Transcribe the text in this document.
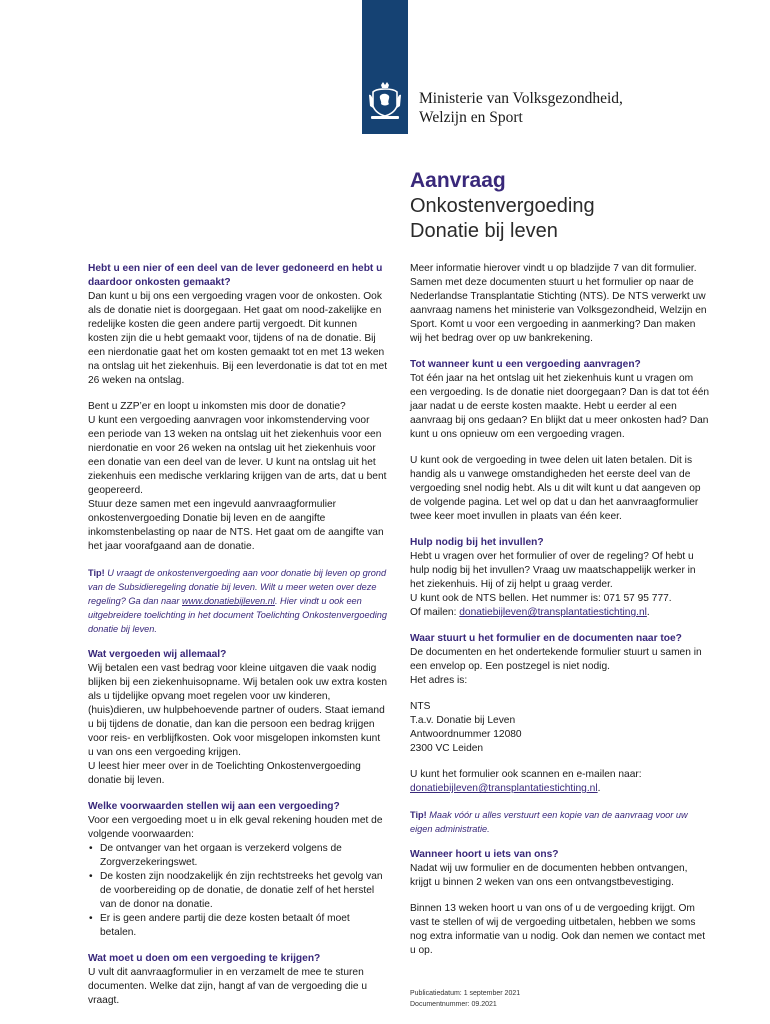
Ministerie van Volksgezondheid,
Welzijn en Sport
Aanvraag
Onkostenvergoeding
Donatie bij leven

Hebt u een nier of een deel van de lever gedoneerd en hebt u daardoor onkosten gemaakt?

Dan kunt u bij ons een vergoeding vragen voor de onkosten. Ook als de donatie niet is doorgegaan. Het gaat om nood-zakelijke en redelijke kosten die geen andere partij vergoedt. Dit kunnen kosten zijn die u hebt gemaakt voor, tijdens of na de donatie. Bij een nierdonatie gaat het om kosten gemaakt tot en met 13 weken na ontslag uit het ziekenhuis. Bij een leverdonatie is dat tot en met 26 weken na ontslag.

Bent u ZZP’er en loopt u inkomsten mis door de donatie?

U kunt een vergoeding aanvragen voor inkomstenderving voor een periode van 13 weken na ontslag uit het ziekenhuis voor een nierdonatie en voor 26 weken na ontslag uit het ziekenhuis voor een donatie van een deel van de lever. U kunt na ontslag uit het ziekenhuis een medische verklaring krijgen van de arts, dat u bent geopereerd.

Stuur deze samen met een ingevuld aanvraagformulier onkostenvergoeding Donatie bij leven en de aangifte inkomstenbelasting op naar de NTS. Het gaat om de aangifte van het jaar voorafgaand aan de donatie.

Tip! U vraagt de onkostenvergoeding aan voor donatie bij leven op grond van de Subsidieregeling donatie bij leven. Wilt u meer weten over deze regeling? Ga dan naar www.donatiebijleven.nl. Hier vindt u ook een uitgebreidere toelichting in het document Toelichting Onkostenvergoeding donatie bij leven.

Wat vergoeden wij allemaal?

Wij betalen een vast bedrag voor kleine uitgaven die vaak nodig blijken bij een ziekenhuisopname. Wij betalen ook uw extra kosten als u tijdelijke opvang moet regelen voor uw kinderen, (huis)dieren, uw hulpbehoevende partner of ouders. Staat iemand u bij tijdens de donatie, dan kan die persoon een bedrag krijgen voor reis- en verblijfkosten. Ook voor misgelopen inkomsten kunt u van ons een vergoeding krijgen.

U leest hier meer over in de Toelichting Onkostenvergoeding donatie bij leven.

Welke voorwaarden stellen wij aan een vergoeding?

Voor een vergoeding moet u in elk geval rekening houden met de volgende voorwaarden:

• De ontvanger van het orgaan is verzekerd volgens de Zorgverzekeringswet.
• De kosten zijn noodzakelijk én zijn rechtstreeks het gevolg van de voorbereiding op de donatie, de donatie zelf of het herstel van de donor na donatie.
• Er is geen andere partij die deze kosten betaalt óf moet betalen.

Wat moet u doen om een vergoeding te krijgen?

U vult dit aanvraagformulier in en verzamelt de mee te sturen documenten. Welke dat zijn, hangt af van de vergoeding die u vraagt.

Meer informatie hierover vindt u op bladzijde 7 van dit formulier. Samen met deze documenten stuurt u het formulier op naar de Nederlandse Transplantatie Stichting (NTS). De NTS verwerkt uw aanvraag namens het ministerie van Volksgezondheid, Welzijn en Sport. Komt u voor een vergoeding in aanmerking? Dan maken wij het bedrag over op uw bankrekening.

Tot wanneer kunt u een vergoeding aanvragen?

Tot één jaar na het ontslag uit het ziekenhuis kunt u vragen om een vergoeding. Is de donatie niet doorgegaan? Dan is dat tot één jaar nadat u de eerste kosten maakte. Hebt u eerder al een aanvraag bij ons gedaan? En blijkt dat u meer onkosten had? Dan kunt u ons opnieuw om een vergoeding vragen.

U kunt ook de vergoeding in twee delen uit laten betalen. Dit is handig als u vanwege omstandigheden het eerste deel van de vergoeding snel nodig hebt. Als u dit wilt kunt u dat aangeven op de volgende pagina. Let wel op dat u dan het aanvraagformulier twee keer moet invullen in plaats van één keer.

Hulp nodig bij het invullen?

Hebt u vragen over het formulier of over de regeling? Of hebt u hulp nodig bij het invullen? Vraag uw maatschappelijk werker in het ziekenhuis. Hij of zij helpt u graag verder.
U kunt ook de NTS bellen. Het nummer is: 071 57 95 777.
Of mailen: donatiebijleven@transplantatiestichting.nl.

Waar stuurt u het formulier en de documenten naar toe?

De documenten en het ondertekende formulier stuurt u samen in een envelop op. Een postzegel is niet nodig.

Het adres is:

NTS
T.a.v. Donatie bij Leven
Antwoordnummer 12080
2300 VC Leiden
U kunt het formulier ook scannen en e-mailen naar:
donatiebijleven@transplantatiestichting.nl.

Tip! Maak vóór u alles verstuurt een kopie van de aanvraag voor uw eigen administratie.

Wanneer hoort u iets van ons?

Nadat wij uw formulier en de documenten hebben ontvangen, krijgt u binnen 2 weken van ons een ontvangstbevestiging.

Binnen 13 weken hoort u van ons of u de vergoeding krijgt. Om vast te stellen of wij de vergoeding uitbetalen, hebben we soms nog extra informatie van u nodig. Ook dan nemen we contact met u op.

Publicatiedatum: 1 september 2021
Documentnummer: 09.2021
